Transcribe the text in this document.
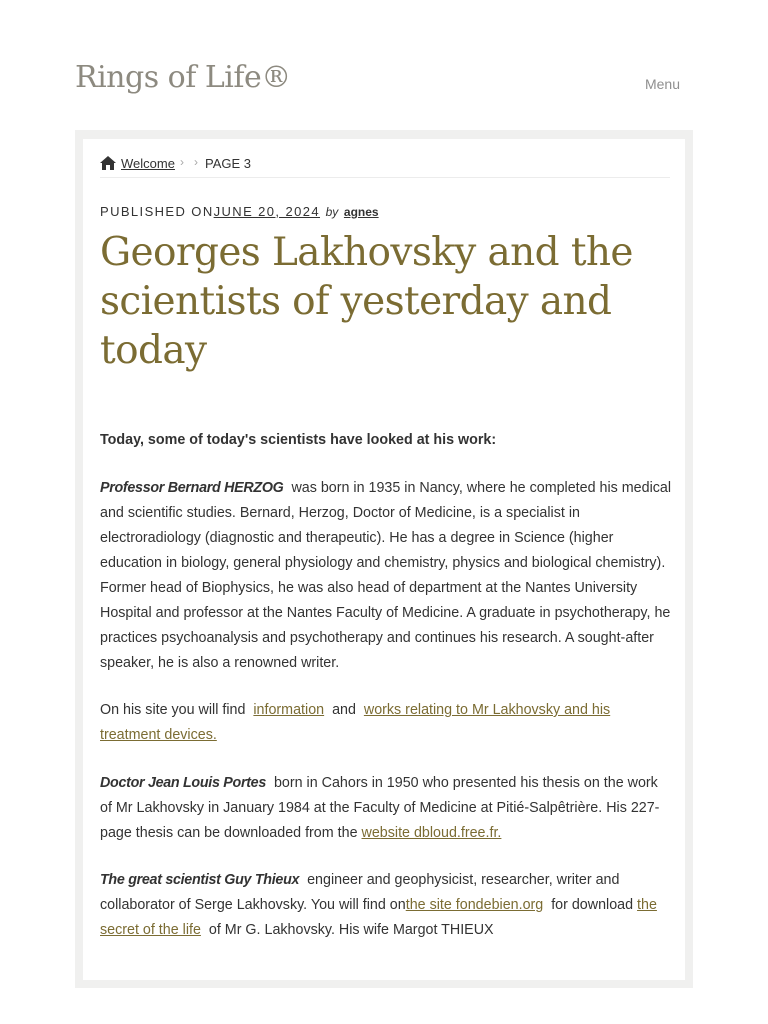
Rings of Life®	Menu
Welcome › › PAGE 3
PUBLISHED ONJUNE 20, 2024 by agnes
Georges Lakhovsky and the scientists of yesterday and today

Today, some of today's scientists have looked at his work:

Professor Bernard HERZOG was born in 1935 in Nancy, where he completed his medical and scientific studies. Bernard, Herzog, Doctor of Medicine, is a specialist in electroradiology (diagnostic and therapeutic). He has a degree in Science (higher education in biology, general physiology and chemistry, physics and biological chemistry). Former head of Biophysics, he was also head of department at the Nantes University Hospital and professor at the Nantes Faculty of Medicine. A graduate in psychotherapy, he practices psychoanalysis and psychotherapy and continues his research. A sought-after speaker, he is also a renowned writer.

On his site you will find information and works relating to Mr Lakhovsky and his treatment devices.

Doctor Jean Louis Portes born in Cahors in 1950 who presented his thesis on the work of Mr Lakhovsky in January 1984 at the Faculty of Medicine at Pitié-Salpêtrière. His 227-page thesis can be downloaded from the website dbloud.free.fr.

The great scientist Guy Thieux engineer and geophysicist, researcher, writer and collaborator of Serge Lakhovsky. You will find onthe site fondebien.org for download the secret of the life of Mr G. Lakhovsky. His wife Margot THIEUX
